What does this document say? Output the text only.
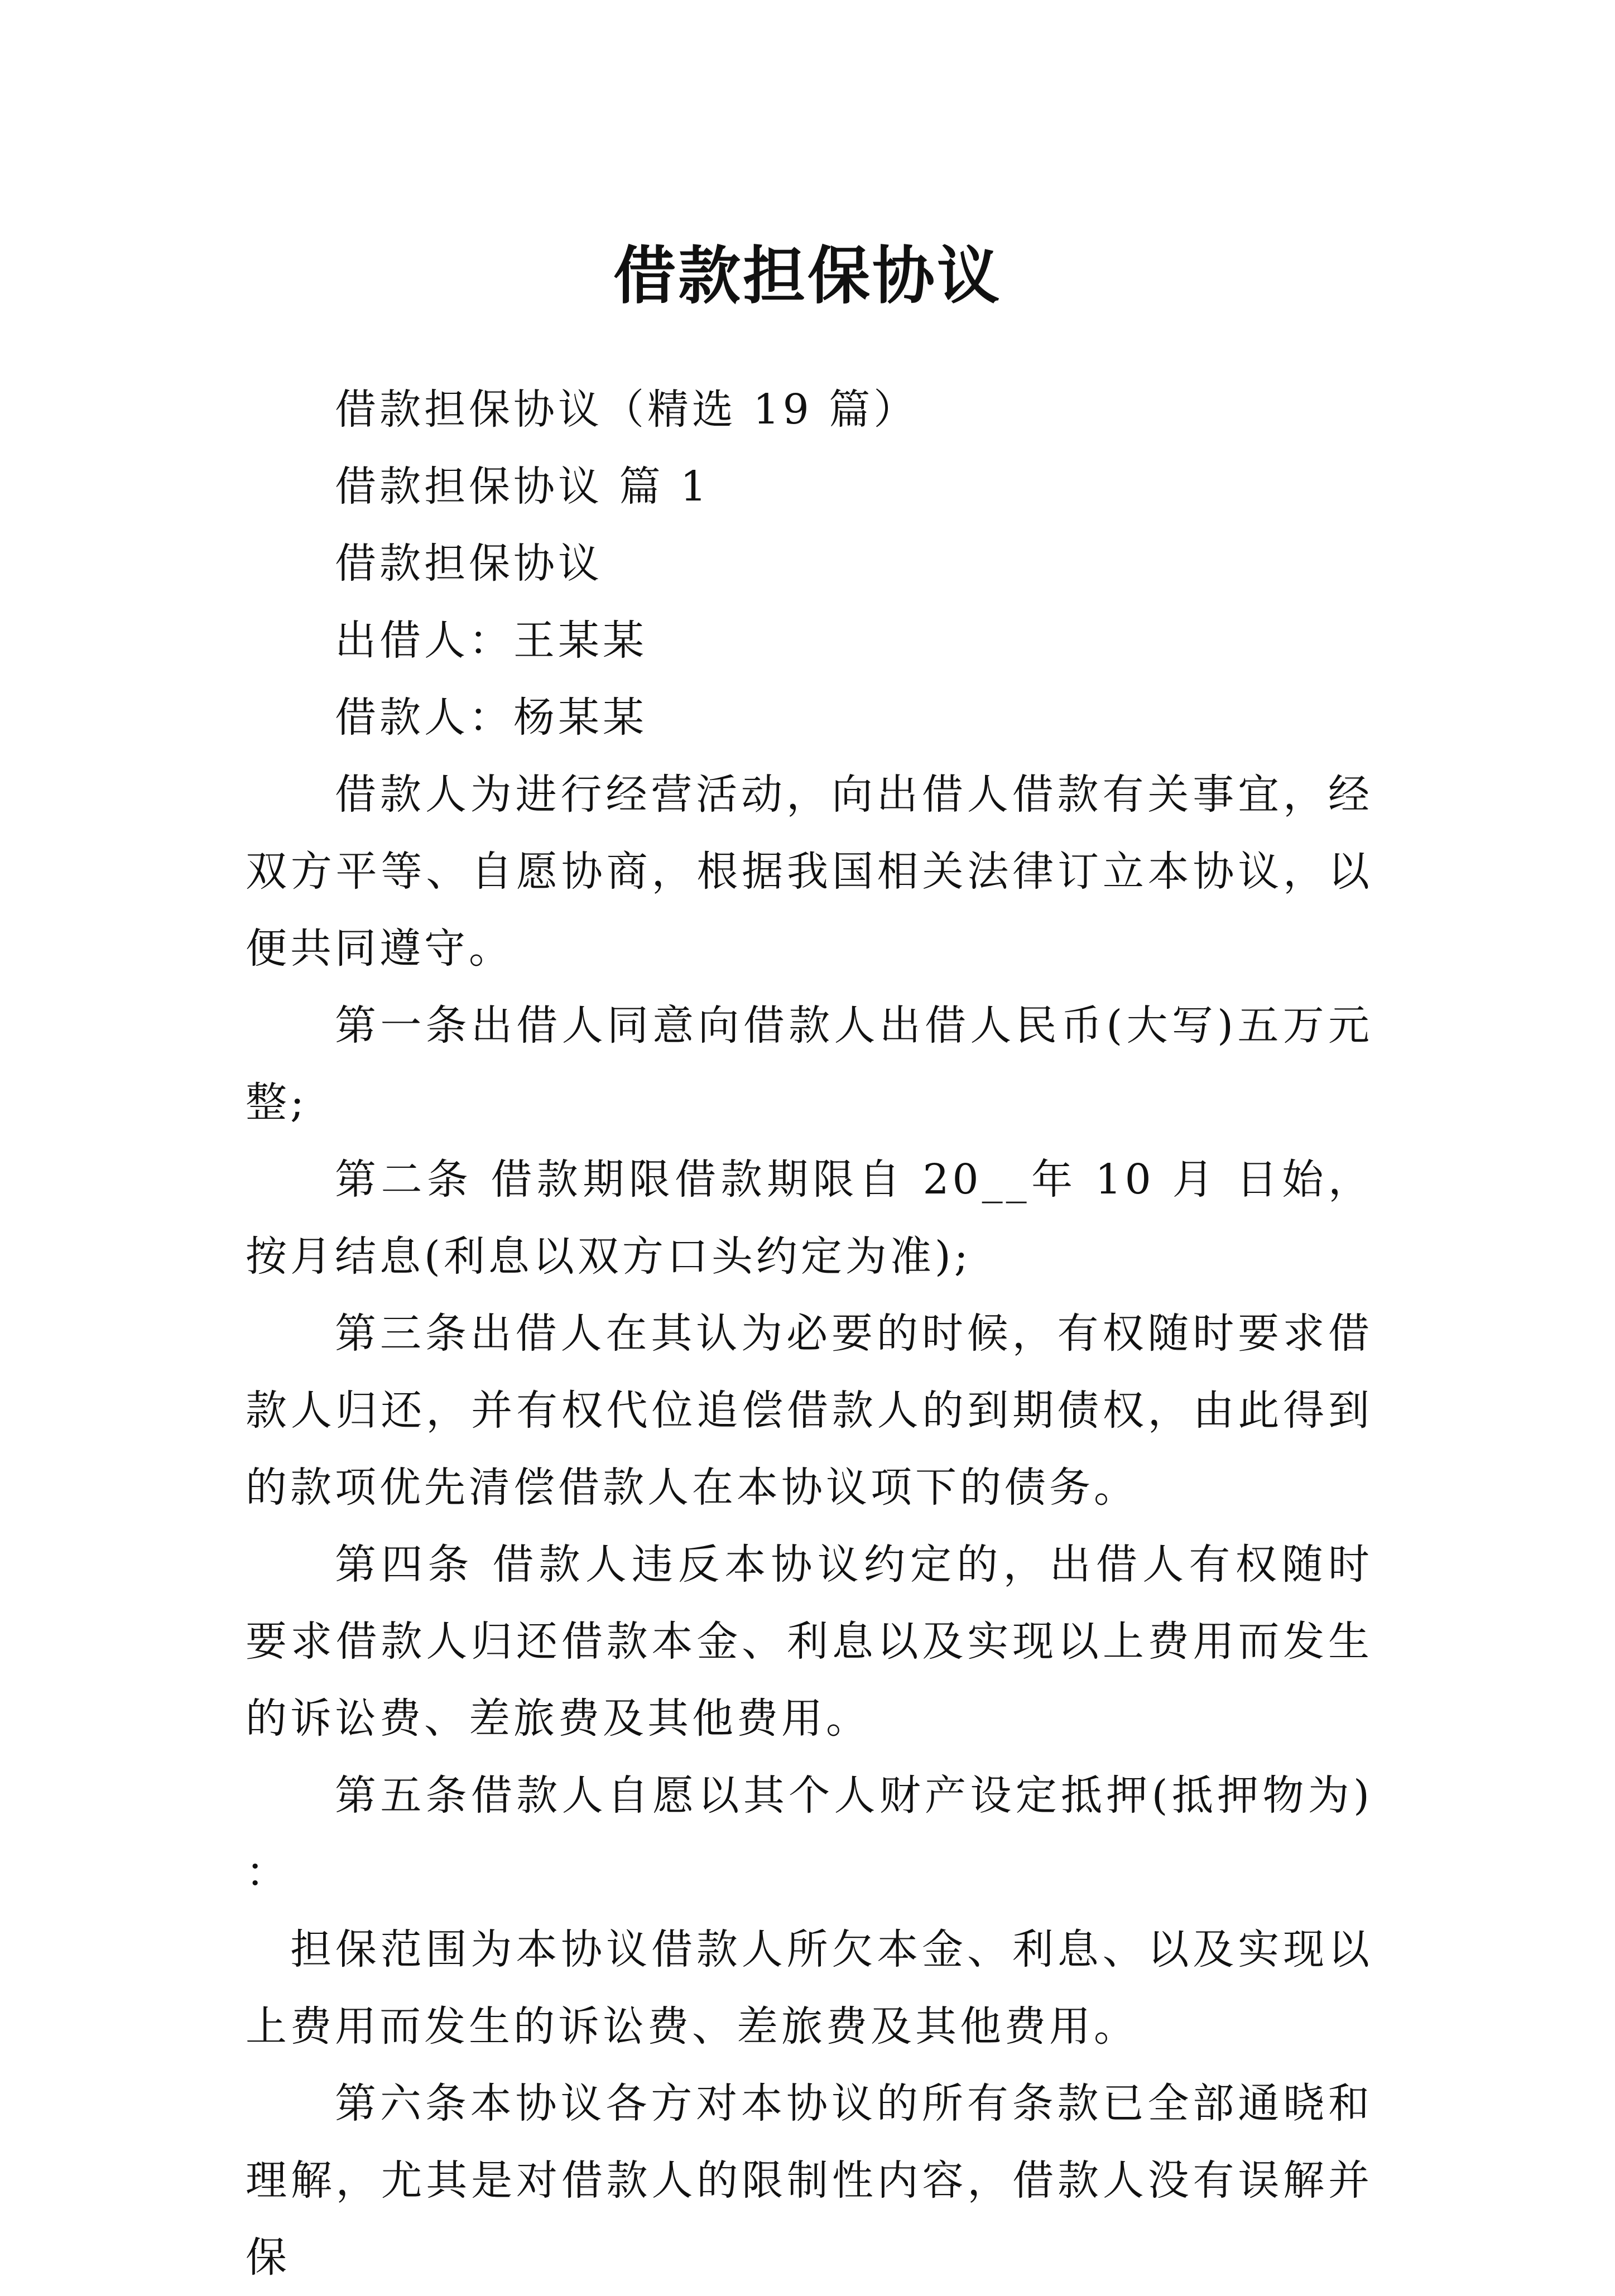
借款担保协议

借款担保协议（精选 19 篇）

借款担保协议 篇 1

借款担保协议

出借人：王某某

借款人：杨某某

借款人为进行经营活动，向出借人借款有关事宜，经双方平等、自愿协商，根据我国相关法律订立本协议，以便共同遵守。

第一条出借人同意向借款人出借人民币(大写)五万元整;

第二条 借款期限借款期限自 20__年 10 月 日始，按月结息(利息以双方口头约定为准);

第三条出借人在其认为必要的时候，有权随时要求借款人归还，并有权代位追偿借款人的到期债权，由此得到的款项优先清偿借款人在本协议项下的债务。

第四条 借款人违反本协议约定的，出借人有权随时要求借款人归还借款本金、利息以及实现以上费用而发生的诉讼费、差旅费及其他费用。

第五条借款人自愿以其个人财产设定抵押(抵押物为) ：

担保范围为本协议借款人所欠本金、利息、以及实现以上费用而发生的诉讼费、差旅费及其他费用。

第六条本协议各方对本协议的所有条款已全部通晓和理解，尤其是对借款人的限制性内容，借款人没有误解并保
